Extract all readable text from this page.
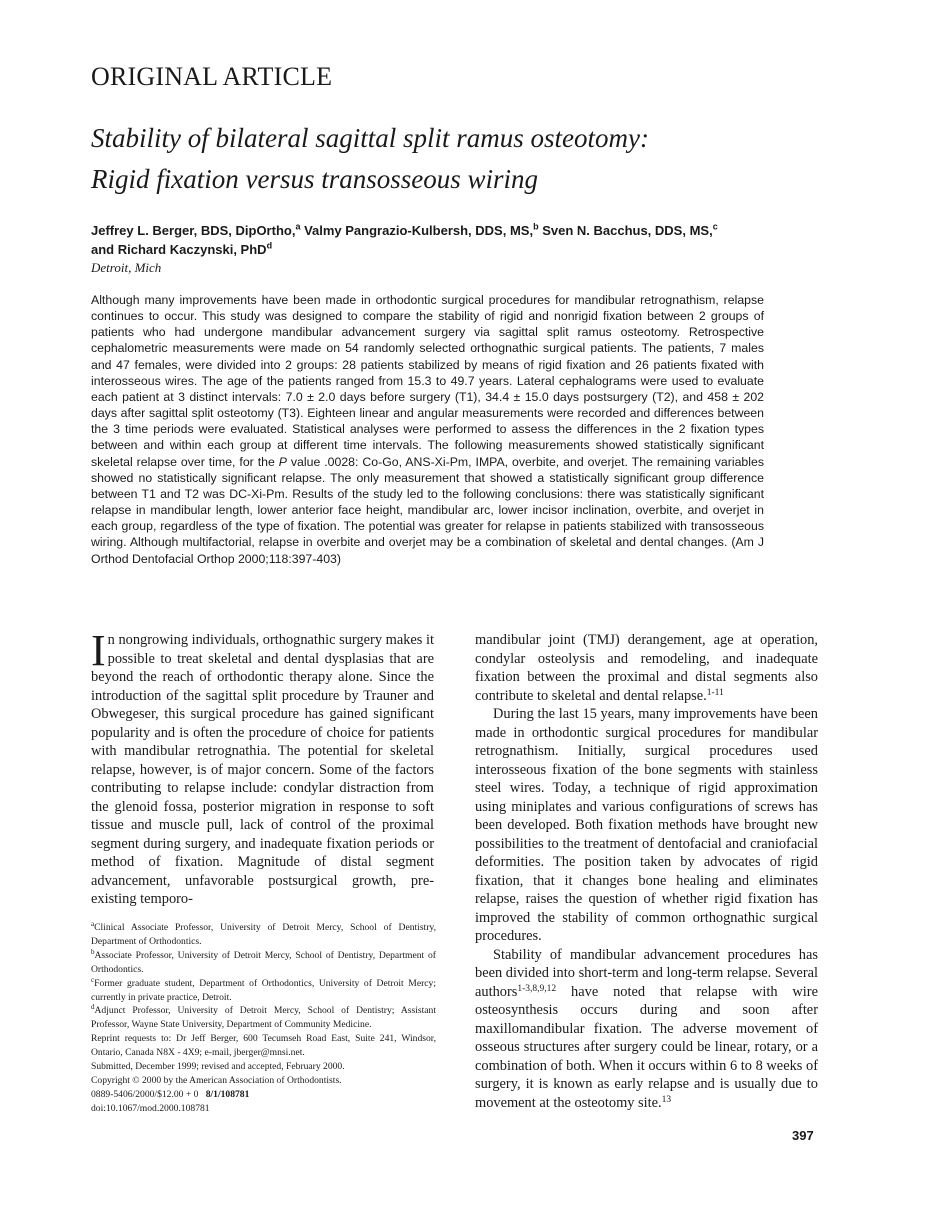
ORIGINAL ARTICLE
Stability of bilateral sagittal split ramus osteotomy:
Rigid fixation versus transosseous wiring
Jeffrey L. Berger, BDS, DipOrtho,$^a$ Valmy Pangrazio-Kulbersh, DDS, MS,$^b$ Sven N. Bacchus, DDS, MS,$^c$
and Richard Kaczynski, PhD$^d$
Detroit, Mich

Although many improvements have been made in orthodontic surgical procedures for mandibular retrognathism, relapse continues to occur. This study was designed to compare the stability of rigid and nonrigid fixation between 2 groups of patients who had undergone mandibular advancement surgery via sagittal split ramus osteotomy. Retrospective cephalometric measurements were made on 54 randomly selected orthognathic surgical patients. The patients, 7 males and 47 females, were divided into 2 groups: 28 patients stabilized by means of rigid fixation and 26 patients fixated with interosseous wires. The age of the patients ranged from 15.3 to 49.7 years. Lateral cephalograms were used to evaluate each patient at 3 distinct intervals: 7.0 ± 2.0 days before surgery (T1), 34.4 ± 15.0 days postsurgery (T2), and 458 ± 202 days after sagittal split osteotomy (T3). Eighteen linear and angular measurements were recorded and differences between the 3 time periods were evaluated. Statistical analyses were performed to assess the differences in the 2 fixation types between and within each group at different time intervals. The following measurements showed statistically significant skeletal relapse over time, for the P value .0028: Co-Go, ANS-Xi-Pm, IMPA, overbite, and overjet. The remaining variables showed no statistically significant relapse. The only measurement that showed a statistically significant group difference between T1 and T2 was DC-Xi-Pm. Results of the study led to the following conclusions: there was statistically significant relapse in mandibular length, lower anterior face height, mandibular arc, lower incisor inclination, overbite, and overjet in each group, regardless of the type of fixation. The potential was greater for relapse in patients stabilized with transosseous wiring. Although multifactorial, relapse in overbite and overjet may be a combination of skeletal and dental changes. (Am J Orthod Dentofacial Orthop 2000;118:397-403)

In nongrowing individuals, orthognathic surgery makes it possible to treat skeletal and dental dysplasias that are beyond the reach of orthodontic therapy alone. Since the introduction of the sagittal split procedure by Trauner and Obwegeser, this surgical procedure has gained significant popularity and is often the procedure of choice for patients with mandibular retrognathia. The potential for skeletal relapse, however, is of major concern. Some of the factors contributing to relapse include: condylar distraction from the glenoid fossa, posterior migration in response to soft tissue and muscle pull, lack of control of the proximal segment during surgery, and inadequate fixation periods or method of fixation. Magnitude of distal segment advancement, unfavorable postsurgical growth, pre-existing temporo-

$^a$Clinical Associate Professor, University of Detroit Mercy, School of Dentistry, Department of Orthodontics.

$^b$Associate Professor, University of Detroit Mercy, School of Dentistry, Department of Orthodontics.

$^c$Former graduate student, Department of Orthodontics, University of Detroit Mercy; currently in private practice, Detroit.

$^d$Adjunct Professor, University of Detroit Mercy, School of Dentistry; Assistant Professor, Wayne State University, Department of Community Medicine.

Reprint requests to: Dr Jeff Berger, 600 Tecumseh Road East, Suite 241, Windsor, Ontario, Canada N8X - 4X9; e-mail, jberger@mnsi.net.

Submitted, December 1999; revised and accepted, February 2000.

Copyright © 2000 by the American Association of Orthodontists.

0889-5406/2000/$12.00 + 0 8/1/108781

doi:10.1067/mod.2000.108781

mandibular joint (TMJ) derangement, age at operation, condylar osteolysis and remodeling, and inadequate fixation between the proximal and distal segments also contribute to skeletal and dental relapse.$^{1-11}$

During the last 15 years, many improvements have been made in orthodontic surgical procedures for mandibular retrognathism. Initially, surgical procedures used interosseous fixation of the bone segments with stainless steel wires. Today, a technique of rigid approximation using miniplates and various configurations of screws has been developed. Both fixation methods have brought new possibilities to the treatment of dentofacial and craniofacial deformities. The position taken by advocates of rigid fixation, that it changes bone healing and eliminates relapse, raises the question of whether rigid fixation has improved the stability of common orthognathic surgical procedures.

Stability of mandibular advancement procedures has been divided into short-term and long-term relapse. Several authors$^{1-3,8,9,12}$ have noted that relapse with wire osteosynthesis occurs during and soon after maxillomandibular fixation. The adverse movement of osseous structures after surgery could be linear, rotary, or a combination of both. When it occurs within 6 to 8 weeks of surgery, it is known as early relapse and is usually due to movement at the osteotomy site.$^{13}$

397
